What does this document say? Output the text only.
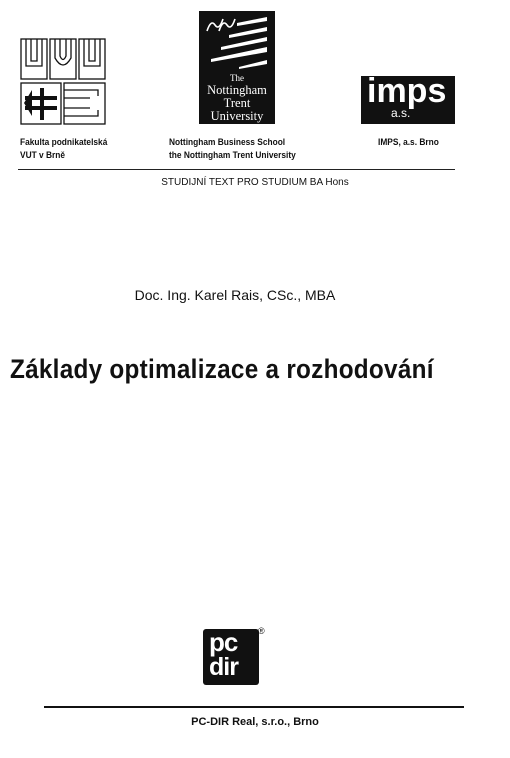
The
Nottingham
Trent
University
imps
a.s.
Fakulta podnikatelská
VUT v Brně
Nottingham Business School
the Nottingham Trent University
IMPS, a.s. Brno
STUDIJNÍ TEXT PRO STUDIUM BA Hons
Doc. Ing. Karel Rais, CSc., MBA
Základy optimalizace a rozhodování
pc
dir
®
PC-DIR Real, s.r.o., Brno
